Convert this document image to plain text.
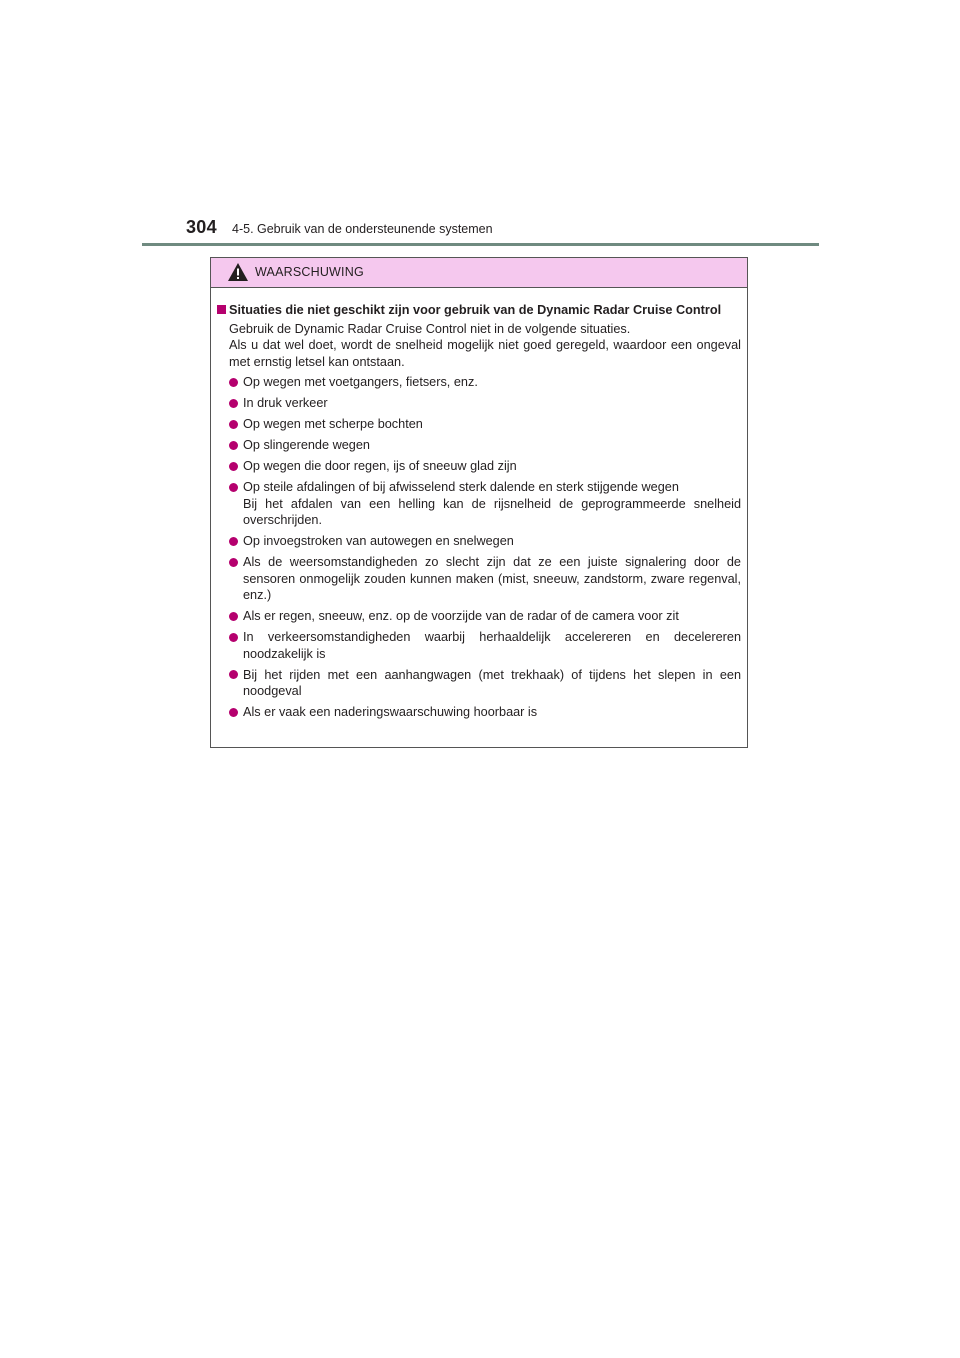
304 4-5. Gebruik van de ondersteunende systemen
WAARSCHUWING
Situaties die niet geschikt zijn voor gebruik van de Dynamic Radar Cruise Control

Gebruik de Dynamic Radar Cruise Control niet in de volgende situaties.

Als u dat wel doet, wordt de snelheid mogelijk niet goed geregeld, waardoor een ongeval met ernstig letsel kan ontstaan.

Op wegen met voetgangers, fietsers, enz.
In druk verkeer
Op wegen met scherpe bochten
Op slingerende wegen
Op wegen die door regen, ijs of sneeuw glad zijn
Op steile afdalingen of bij afwisselend sterk dalende en sterk stijgende wegen
Bij het afdalen van een helling kan de rijsnelheid de geprogrammeerde snelheid overschrijden.
Op invoegstroken van autowegen en snelwegen
Als de weersomstandigheden zo slecht zijn dat ze een juiste signalering door de sensoren onmogelijk zouden kunnen maken (mist, sneeuw, zandstorm, zware regenval, enz.)
Als er regen, sneeuw, enz. op de voorzijde van de radar of de camera voor zit
In verkeersomstandigheden waarbij herhaaldelijk accelereren en decelereren noodzakelijk is
Bij het rijden met een aanhangwagen (met trekhaak) of tijdens het slepen in een noodgeval
Als er vaak een naderingswaarschuwing hoorbaar is
